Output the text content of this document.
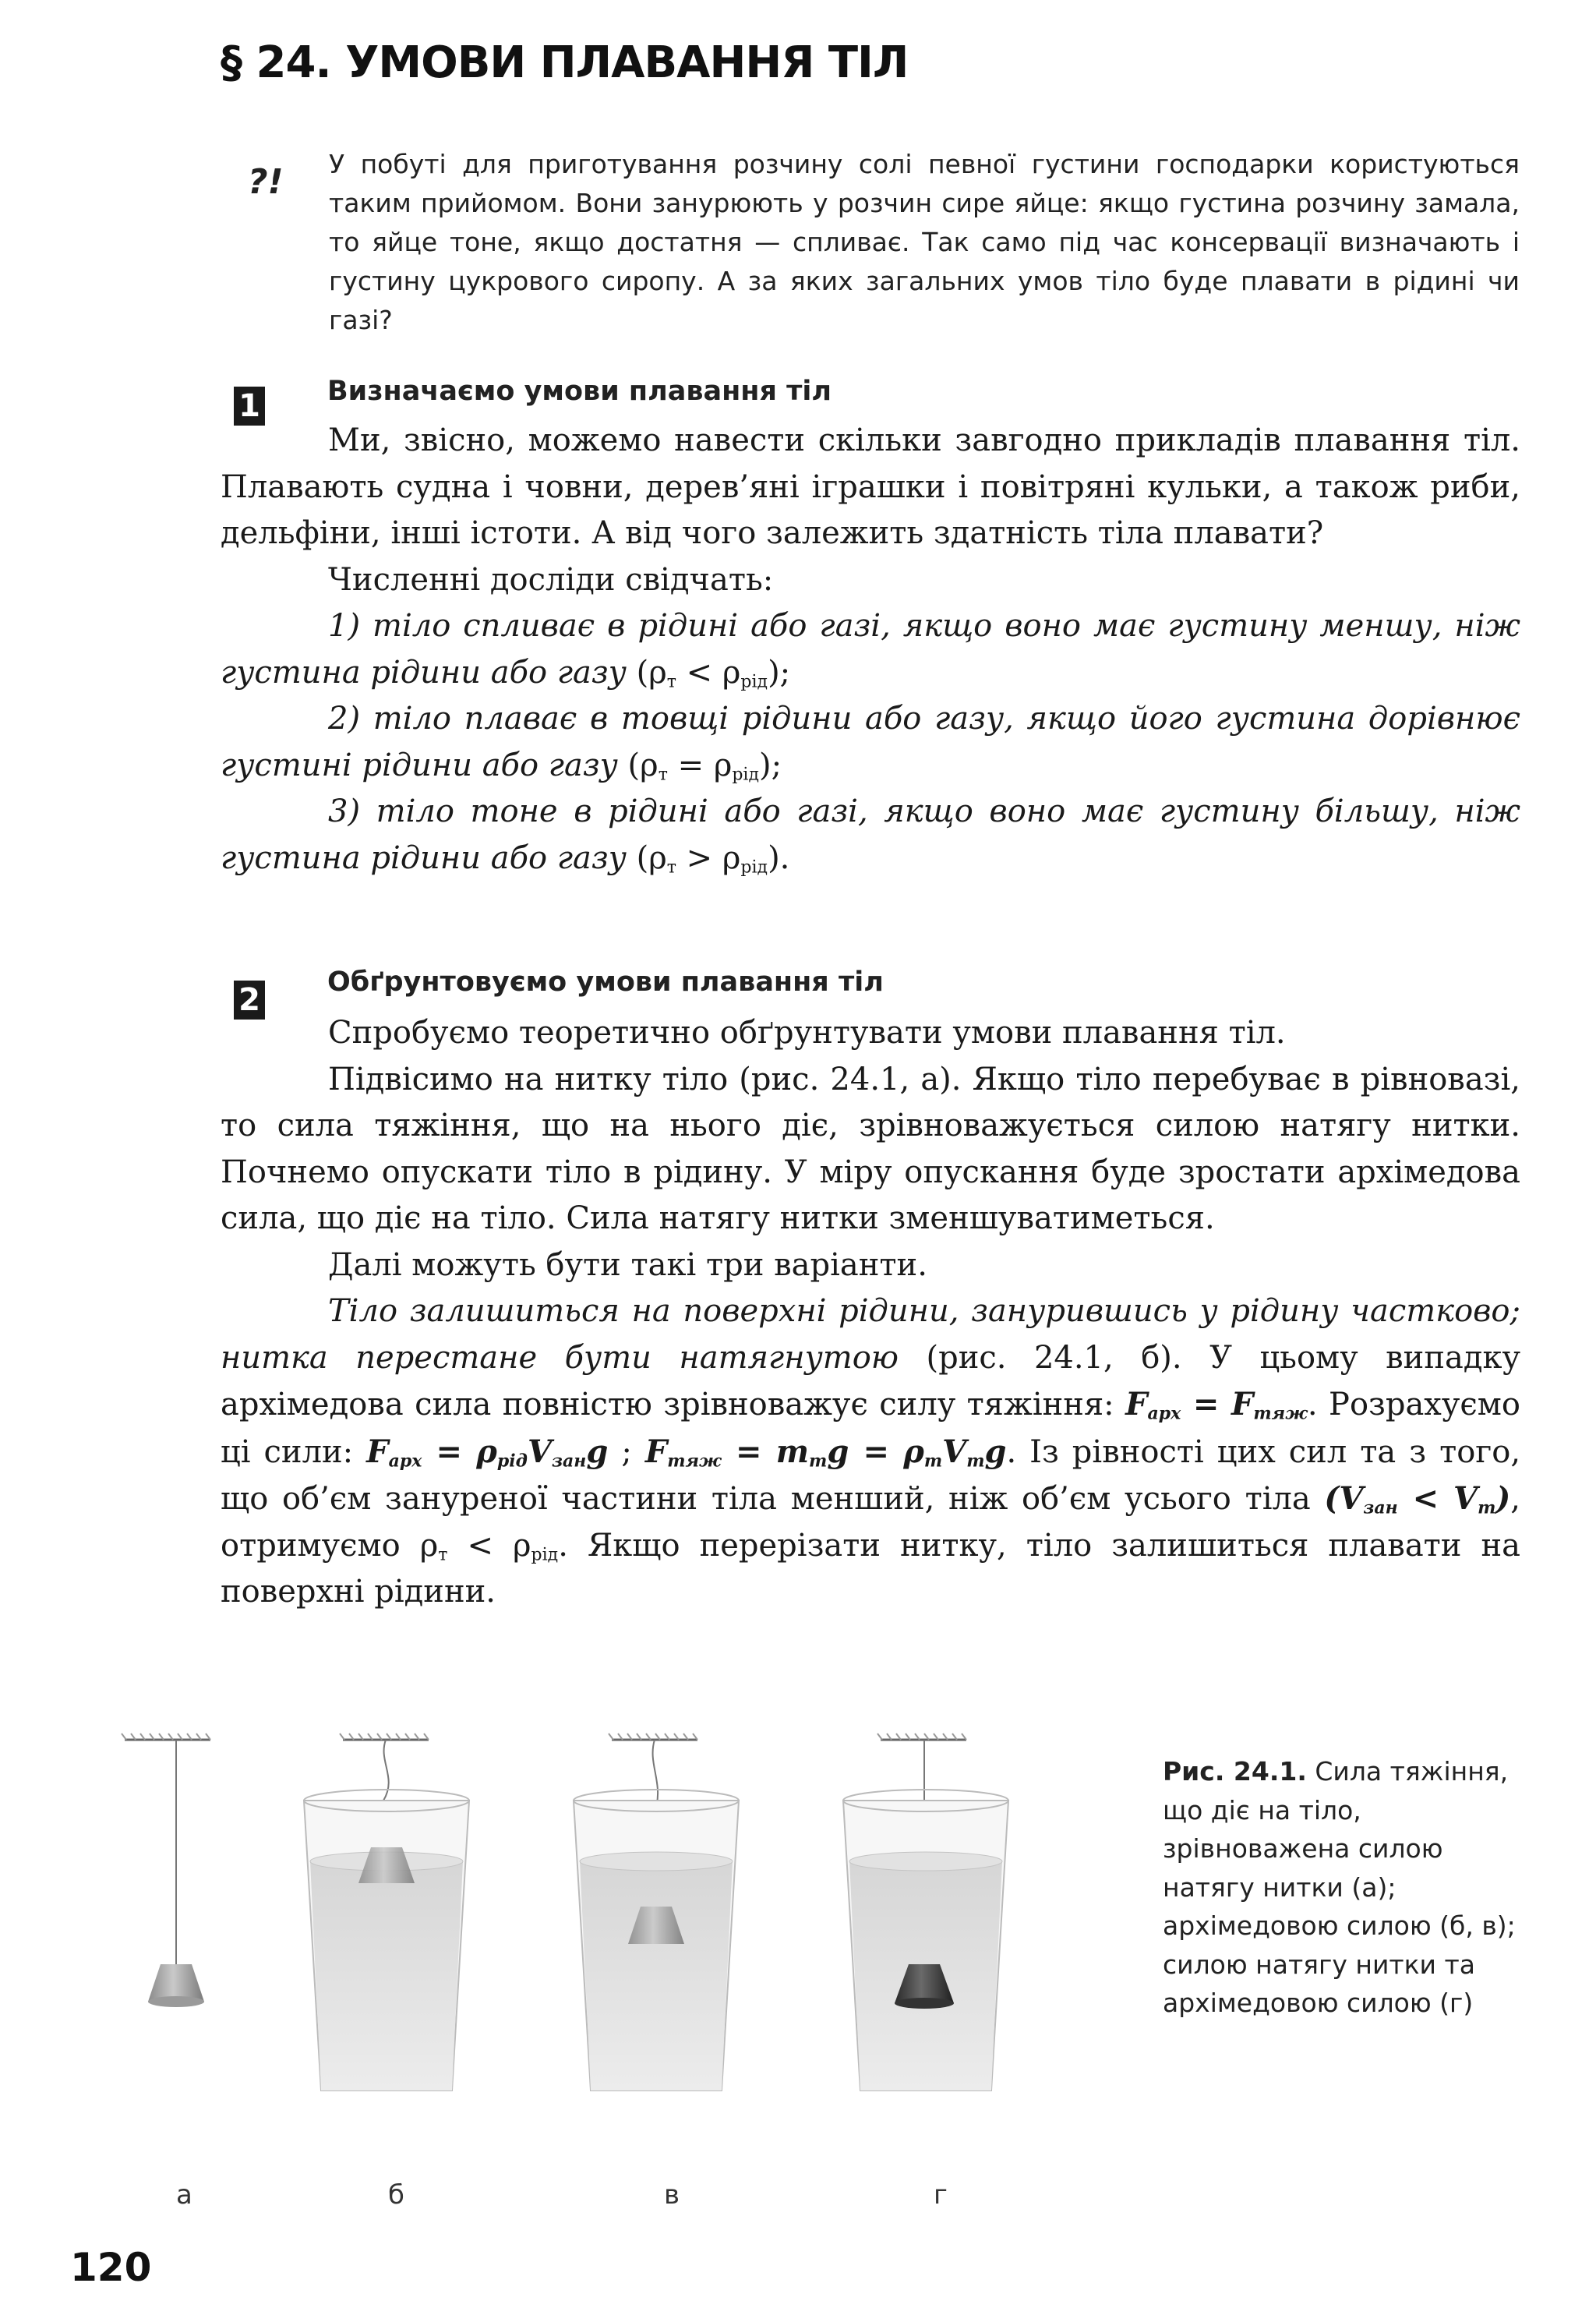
§ 24. УМОВИ ПЛАВАННЯ ТІЛ
?! У побуті для приготування розчину солі певної густини господарки користуються таким прийомом. Вони занурюють у розчин сире яйце: якщо густина розчину замала, то яйце тоне, якщо достатня — спливає. Так само під час консервації визначають і густину цукрового сиропу. А за яких загальних умов тіло буде плавати в рідині чи газі?

1 Визначаємо умови плавання тіл

Ми, звісно, можемо навести скільки завгодно прикладів плавання тіл. Плавають судна і човни, дерев’яні іграшки і повітряні кульки, а також риби, дельфіни, інші істоти. А від чого залежить здатність тіла плавати?

Численні досліди свідчать:

1) тіло спливає в рідині або газі, якщо воно має густину меншу, ніж густина рідини або газу $(\rho_т < \rho_{рід})$;

2) тіло плаває в товщі рідини або газу, якщо його густина дорівнює густині рідини або газу $(\rho_т = \rho_{рід})$;

3) тіло тоне в рідині або газі, якщо воно має густину більшу, ніж густина рідини або газу $(\rho_т > \rho_{рід})$.

2 Обґрунтовуємо умови плавання тіл

Спробуємо теоретично обґрунтувати умови плавання тіл.

Підвісимо на нитку тіло (рис. 24.1, а). Якщо тіло перебуває в рівновазі, то сила тяжіння, що на нього діє, зрівноважується силою натягу нитки. Почнемо опускати тіло в рідину. У міру опускання буде зростати архімедова сила, що діє на тіло. Сила натягу нитки зменшуватиметься.

Далі можуть бути такі три варіанти.

Тіло залишиться на поверхні рідини, занурившись у рідину частково; нитка перестане бути натягнутою (рис. 24.1, б). У цьому випадку архімедова сила повністю зрівноважує силу тяжіння: $F_{арх} = F_{тяж}$. Розрахуємо ці сили: $F_{арх} = \rho_{рід}V_{зан}g$ ; $F_{тяж} = m_тg = \rho_тV_тg$. Із рівності цих сил та з того, що об’єм зануреної частини тіла менший, ніж об’єм усього тіла $(V_{зан} < V_т)$, отримуємо $\rho_т < \rho_{рід}$. Якщо перерізати нитку, тіло залишиться плавати на поверхні рідини.

а	б	в	г

Рис. 24.1. Сила тяжіння, що діє на тіло, зрівноважена силою натягу нитки (а); архімедовою силою (б, в); силою натягу нитки та архімедовою силою (г)

120
